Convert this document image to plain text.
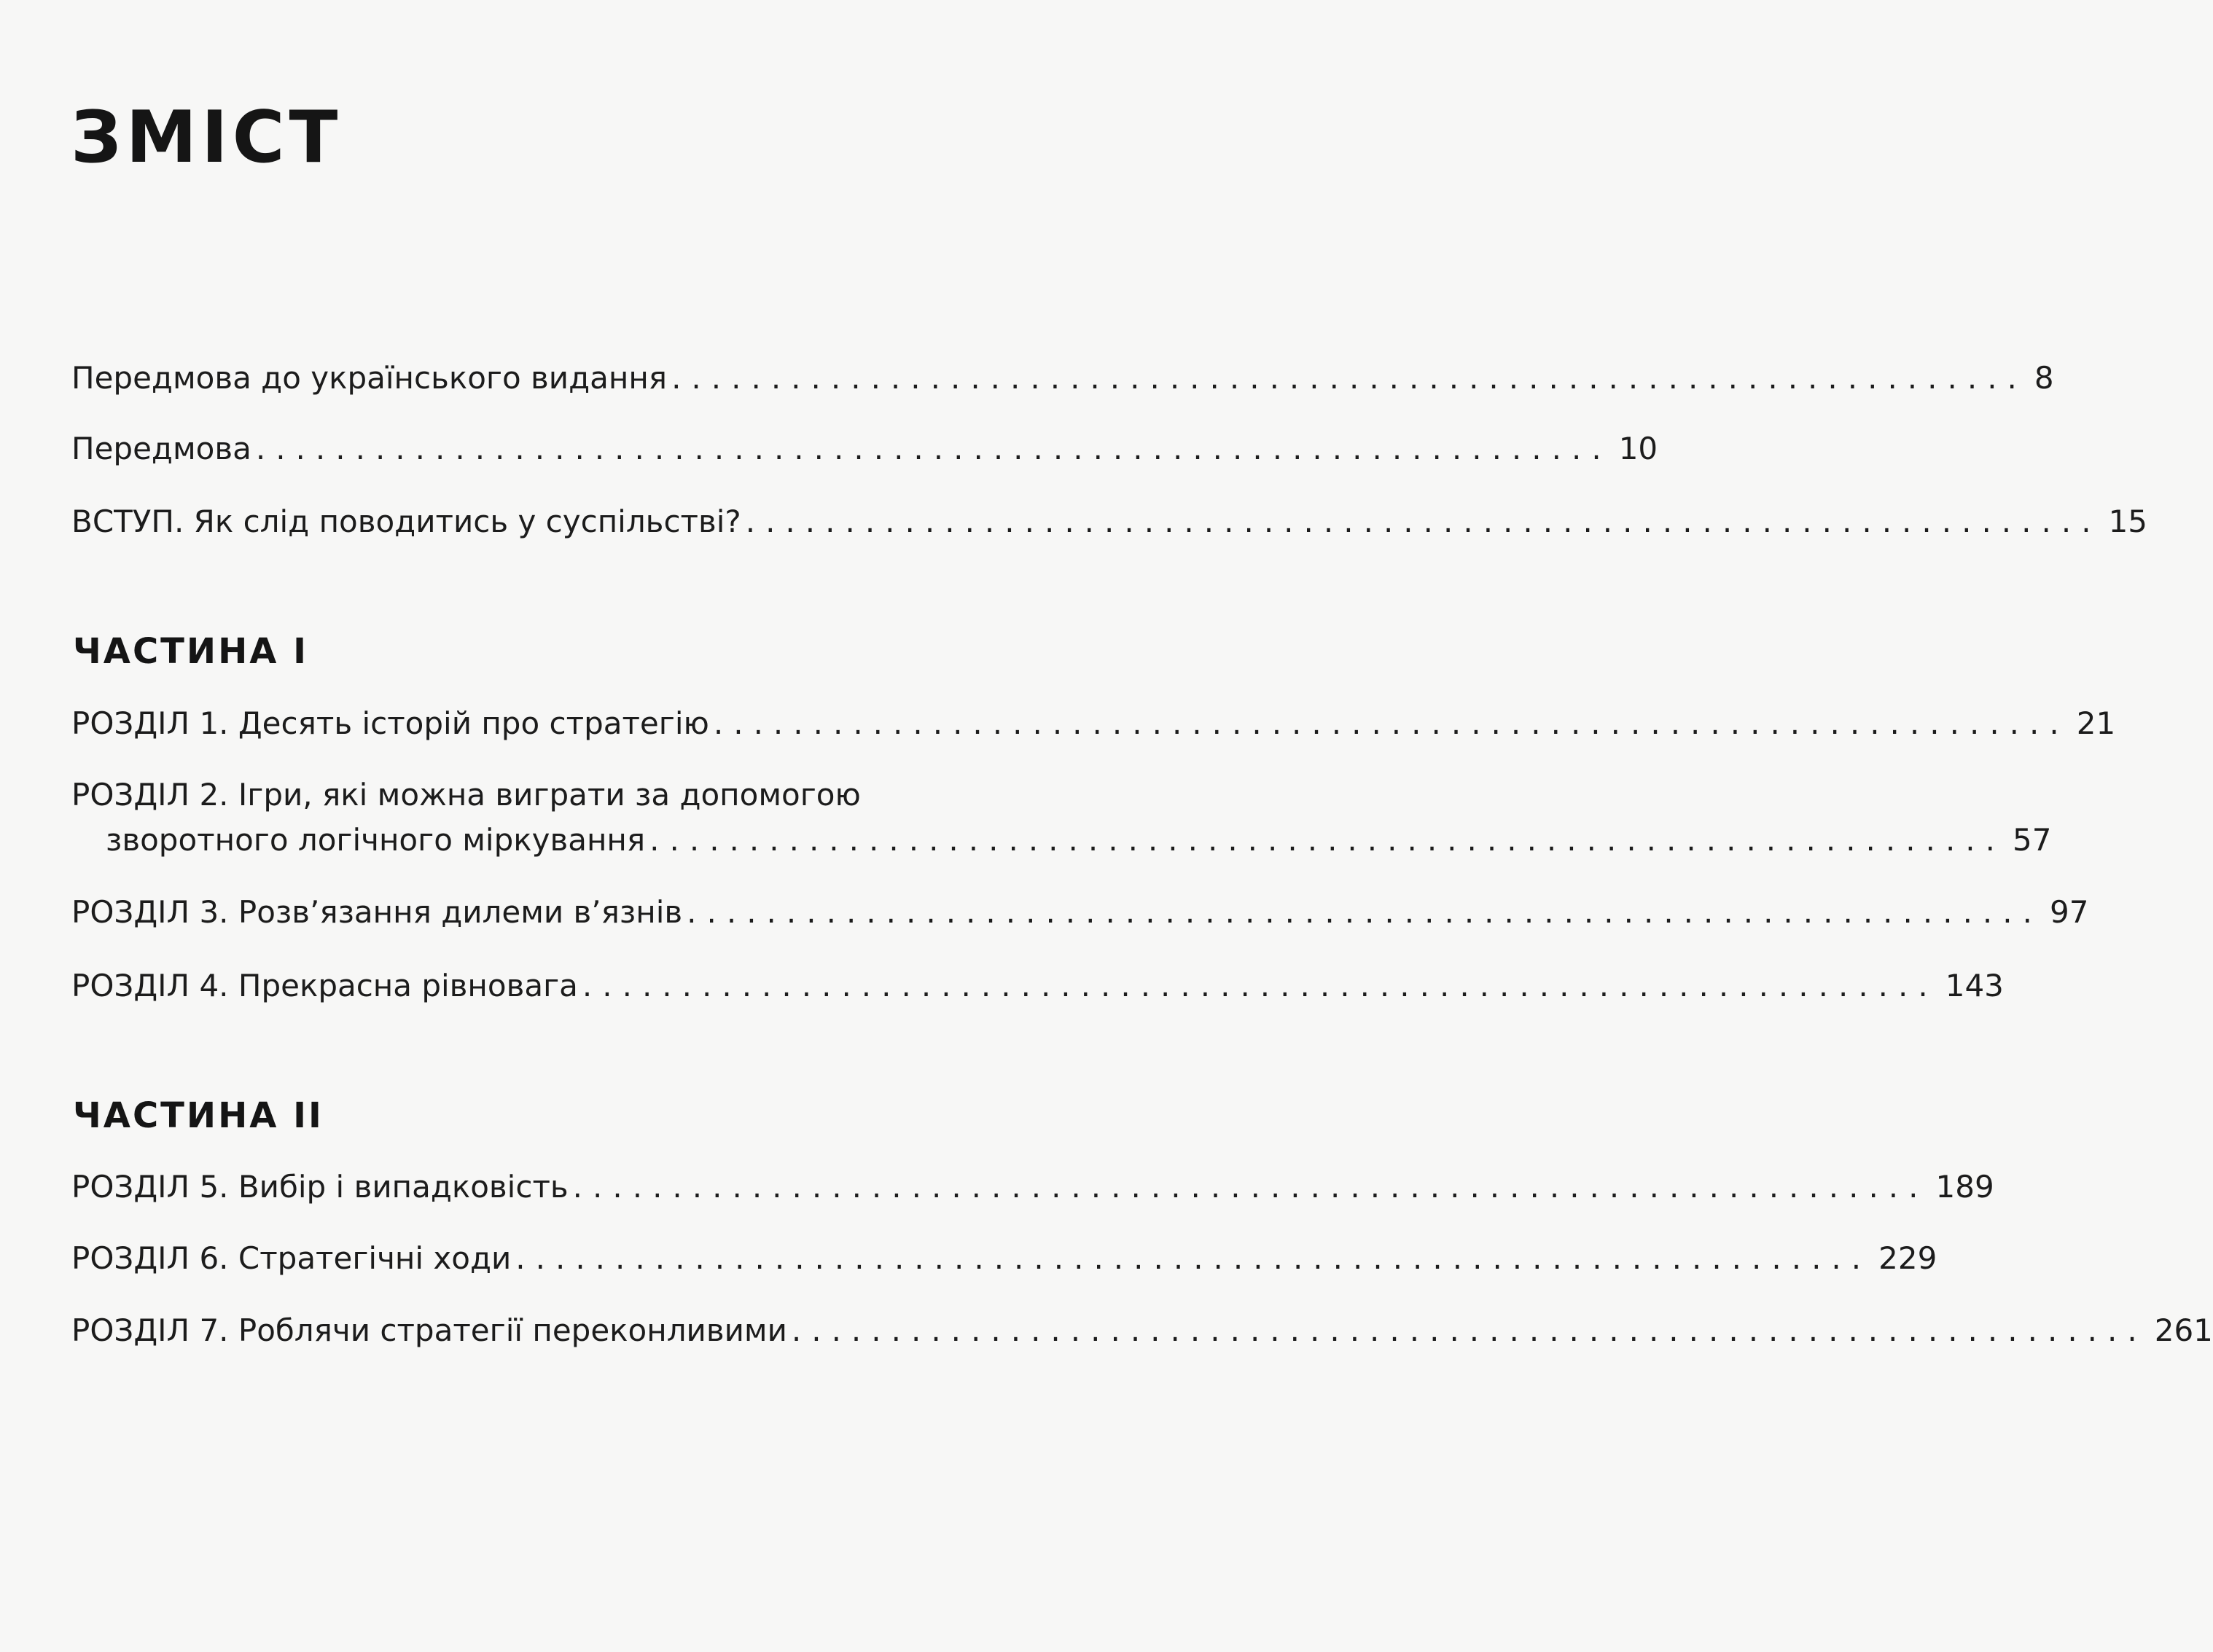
ЗМІСТ
Передмова до українського видання .................................................................... 8
Передмова .................................................................... 10
ВСТУП. Як слід поводитись у суспільстві? .................................................................... 15
ЧАСТИНА І
РОЗДІЛ 1. Десять історій про стратегію .................................................................... 21
РОЗДІЛ 2. Ігри, які можна виграти за допомогою
зворотного логічного міркування .................................................................... 57
РОЗДІЛ 3. Розв’язання дилеми в’язнів .................................................................... 97
РОЗДІЛ 4. Прекрасна рівновага .................................................................... 143
ЧАСТИНА ІІ
РОЗДІЛ 5. Вибір і випадковість .................................................................... 189
РОЗДІЛ 6. Стратегічні ходи .................................................................... 229
РОЗДІЛ 7. Роблячи стратегії переконливими .................................................................... 261
